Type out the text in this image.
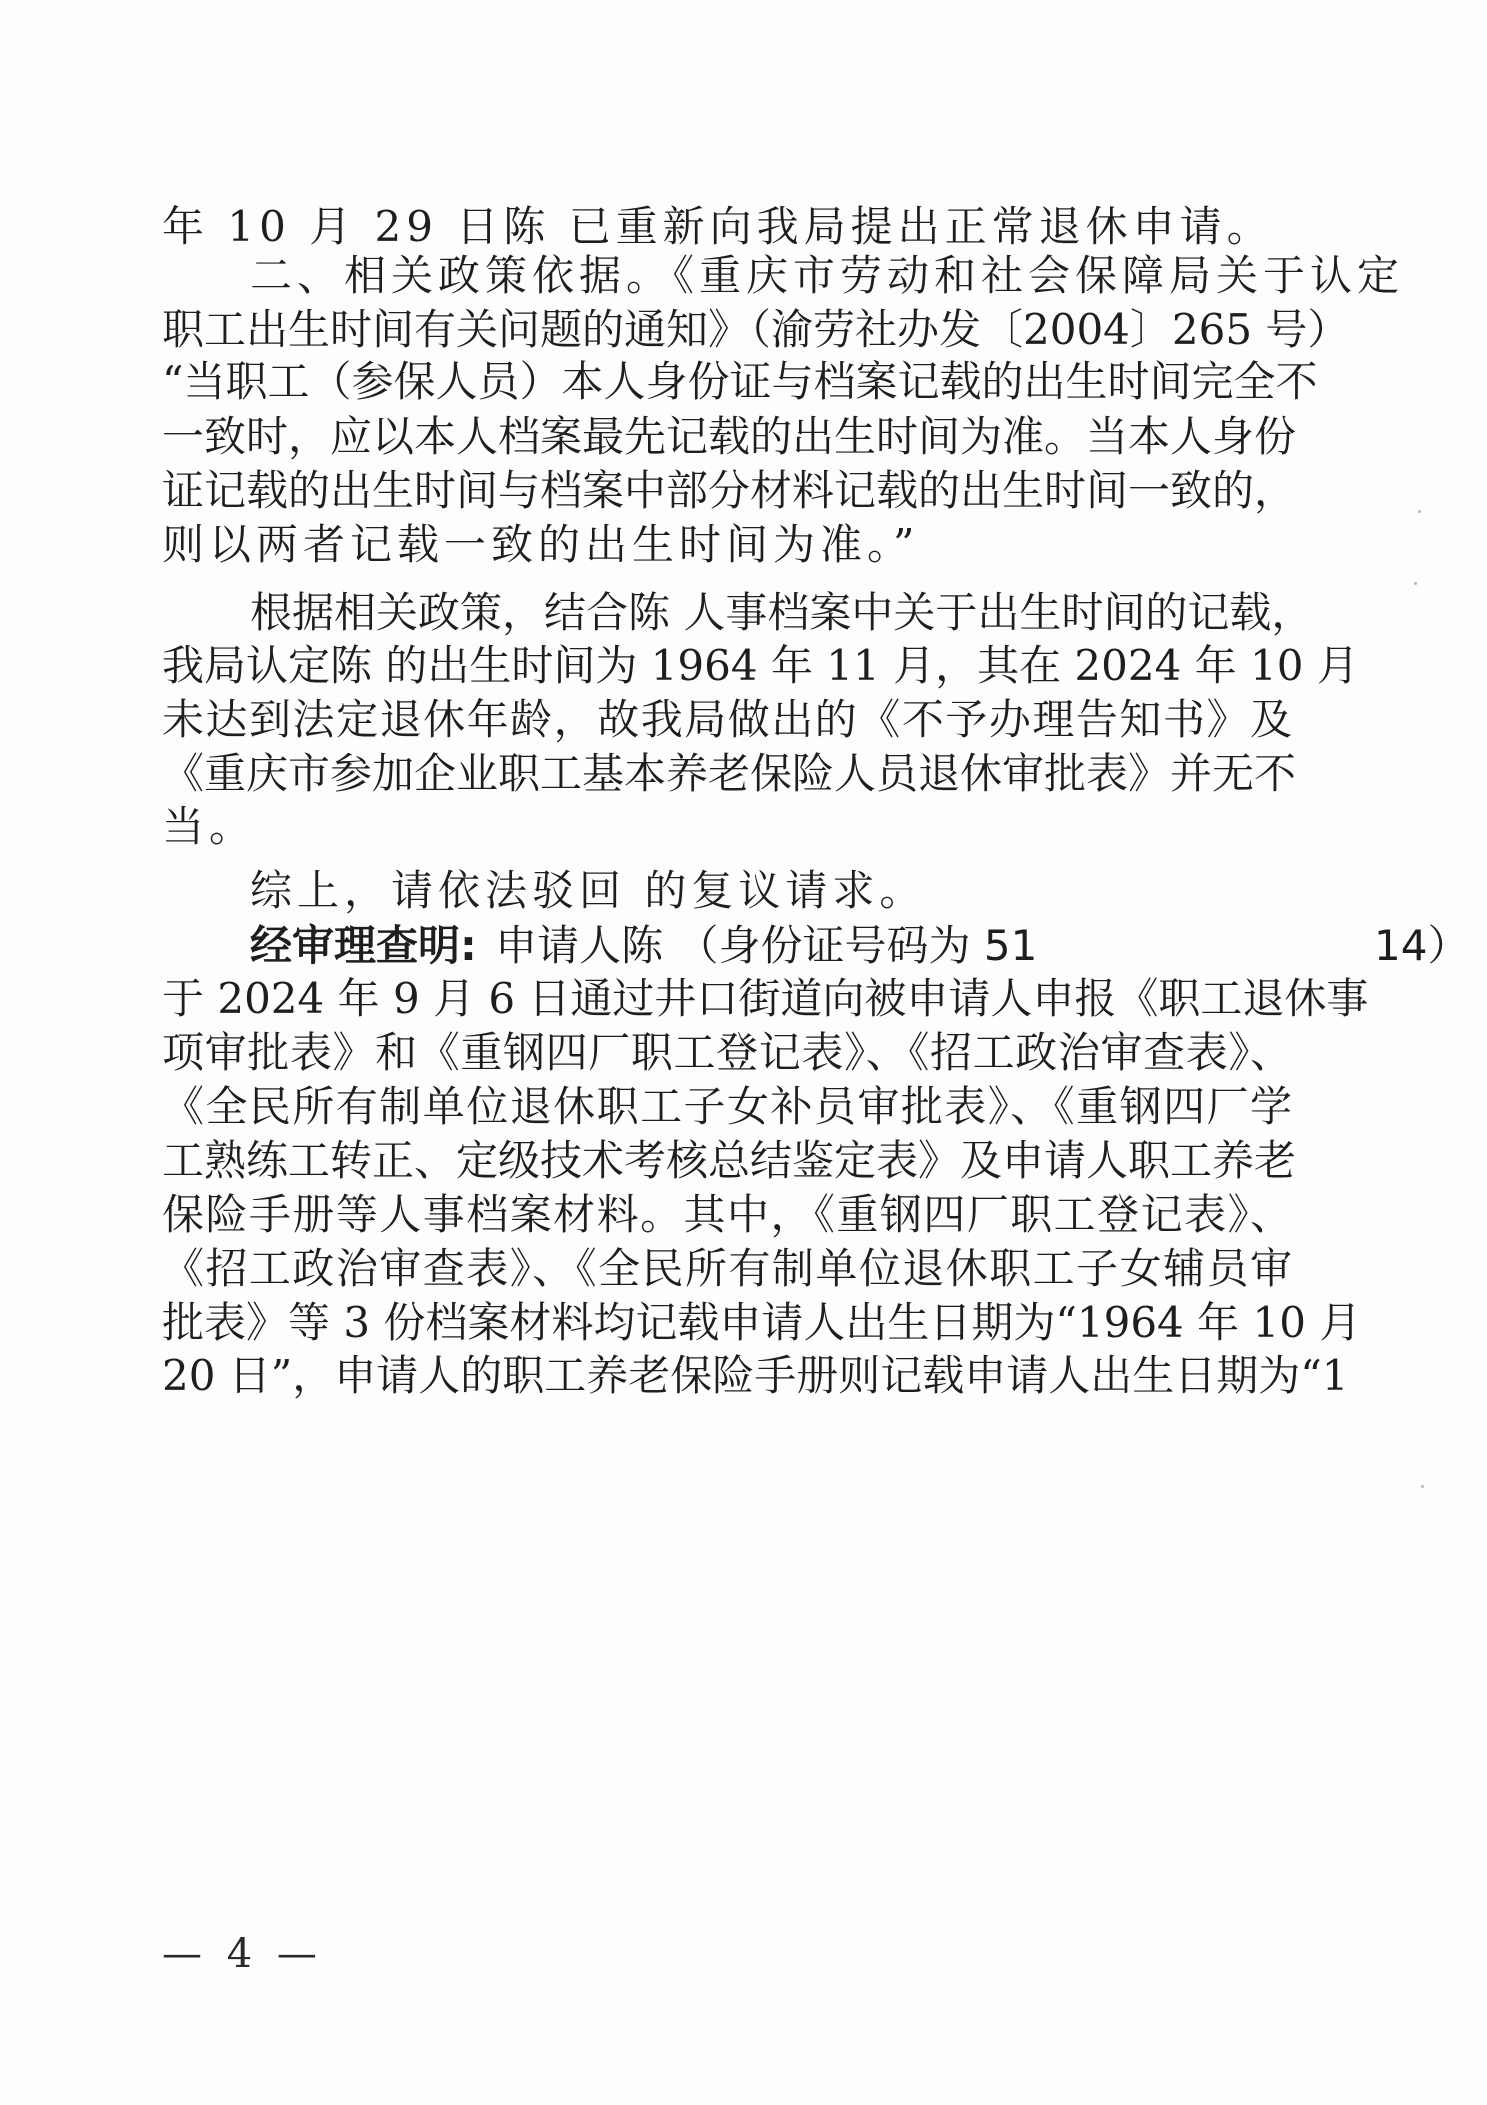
年 10 月 29 日陈 已重新向我局提出正常退休申请。
二、相关政策依据。《重庆市劳动和社会保障局关于认定
职工出生时间有关问题的通知》（渝劳社办发〔2004〕265 号）
“当职工（参保人员）本人身份证与档案记载的出生时间完全不
一致时，应以本人档案最先记载的出生时间为准。当本人身份
证记载的出生时间与档案中部分材料记载的出生时间一致的，
则以两者记载一致的出生时间为准。”
根据相关政策，结合陈 人事档案中关于出生时间的记载，
我局认定陈 的出生时间为 1964 年 11 月，其在 2024 年 10 月
未达到法定退休年龄，故我局做出的《不予办理告知书》及
《重庆市参加企业职工基本养老保险人员退休审批表》并无不
当。
综上，请依法驳回 的复议请求。
经审理查明: 申请人陈 （身份证号码为 51	14）
于 2024 年 9 月 6 日通过井口街道向被申请人申报《职工退休事
项审批表》和《重钢四厂职工登记表》、《招工政治审查表》、
《全民所有制单位退休职工子女补员审批表》、《重钢四厂学
工熟练工转正、定级技术考核总结鉴定表》及申请人职工养老
保险手册等人事档案材料。其中，《重钢四厂职工登记表》、
《招工政治审查表》、《全民所有制单位退休职工子女辅员审
批表》等 3 份档案材料均记载申请人出生日期为“1964 年 10 月
20 日”，申请人的职工养老保险手册则记载申请人出生日期为“1
— 4 —
